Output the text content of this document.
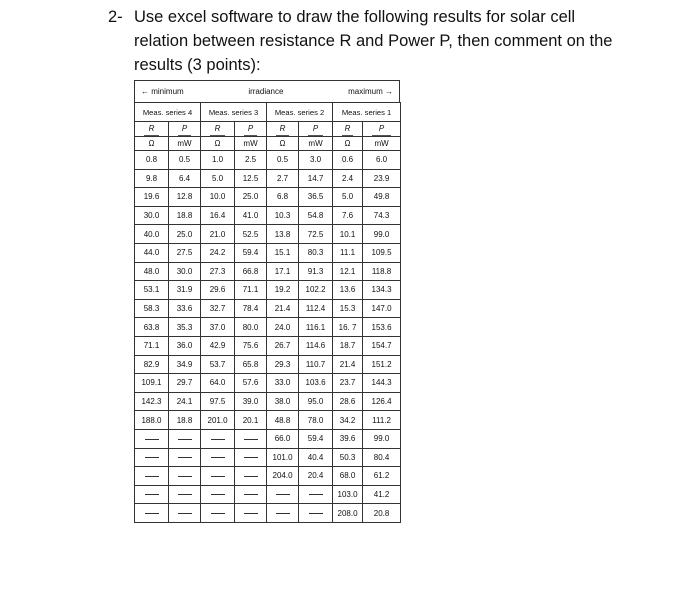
2- Use excel software to draw the following results for solar cell
relation between resistance R and Power P, then comment on the
results (3 points):
← minimum	irradiance	maximum →
Meas. series 4		Meas. series 3		Meas. series 2		Meas. series 1	

R	P	R	P	R	P	R	P

Ω	mW	Ω	mW	Ω	mW	Ω	mW

0.8	0.5	1.0	2.5	0.5	3.0	0.6	6.0
9.8	6.4	5.0	12.5	2.7	14.7	2.4	23.9
19.6	12.8	10.0	25.0	6.8	36.5	5.0	49.8
30.0	18.8	16.4	41.0	10.3	54.8	7.6	74.3
40.0	25.0	21.0	52.5	13.8	72.5	10.1	99.0
44.0	27.5	24.2	59.4	15.1	80.3	11.1	109.5
48.0	30.0	27.3	66.8	17.1	91.3	12.1	118.8
53.1	31.9	29.6	71.1	19.2	102.2	13.6	134.3
58.3	33.6	32.7	78.4	21.4	112.4	15.3	147.0
63.8	35.3	37.0	80.0	24.0	116.1	16. 7	153.6
71.1	36.0	42.9	75.6	26.7	114.6	18.7	154.7
82.9	34.9	53.7	65.8	29.3	110.7	21.4	151.2
109.1	29.7	64.0	57.6	33.0	103.6	23.7	144.3
142.3	24.1	97.5	39.0	38.0	95.0	28.6	126.4
188.0	18.8	201.0	20.1	48.8	78.0	34.2	111.2
				66.0	59.4	39.6	99.0
				101.0	40.4	50.3	80.4
				204.0	20.4	68.0	61.2
						103.0	41.2
						208.0	20.8
